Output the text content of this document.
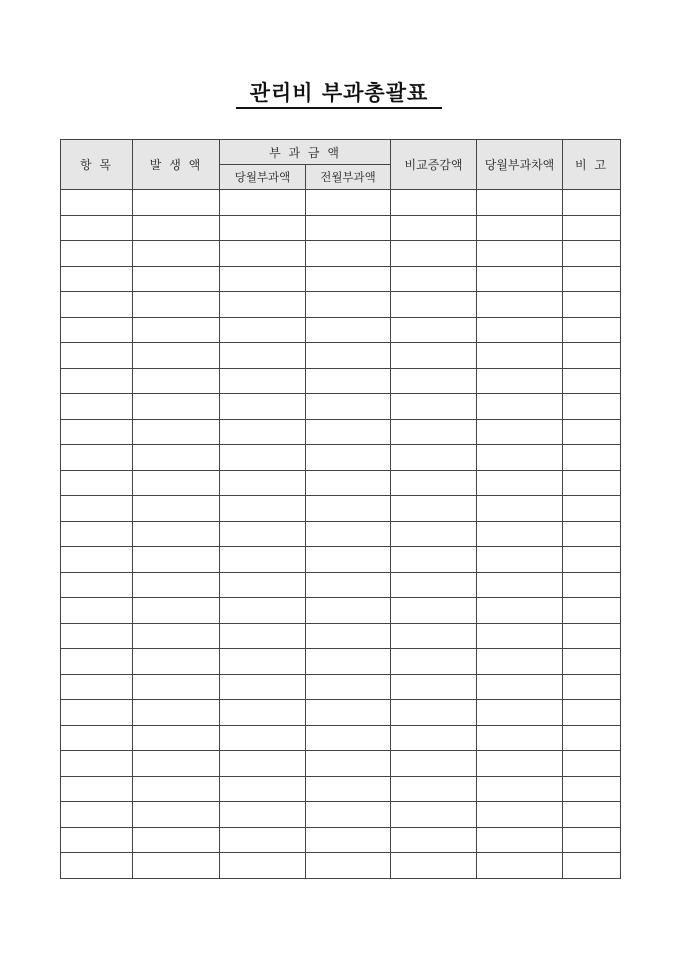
관리비 부과총괄표
항 목	발 생 액	부 과 금 액		비교증감액	당월부과차액	비 고
		당월부과액	전월부과액			
